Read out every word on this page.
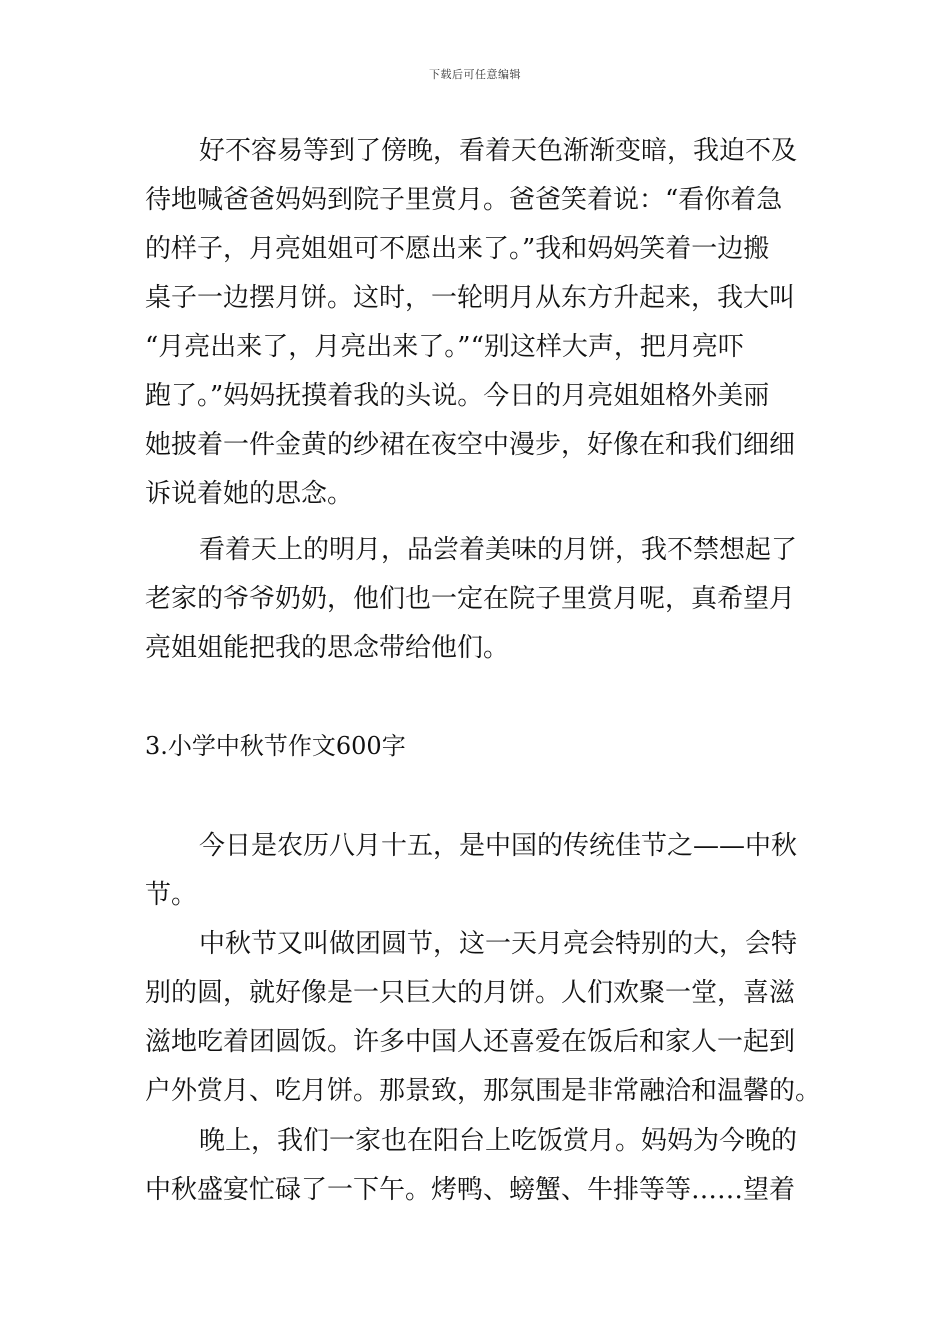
下载后可任意编辑
好不容易等到了傍晚，看着天色渐渐变暗，我迫不及
待地喊爸爸妈妈到院子里赏月。爸爸笑着说：“看你着急
的样子，月亮姐姐可不愿出来了。”我和妈妈笑着一边搬
桌子一边摆月饼。这时，一轮明月从东方升起来，我大叫
“月亮出来了，月亮出来了。”“别这样大声，把月亮吓
跑了。”妈妈抚摸着我的头说。今日的月亮姐姐格外美丽
她披着一件金黄的纱裙在夜空中漫步，好像在和我们细细
诉说着她的思念。
看着天上的明月，品尝着美味的月饼，我不禁想起了
老家的爷爷奶奶，他们也一定在院子里赏月呢，真希望月
亮姐姐能把我的思念带给他们。
3.小学中秋节作文600字
今日是农历八月十五，是中国的传统佳节之——中秋
节。
中秋节又叫做团圆节，这一天月亮会特别的大，会特
别的圆，就好像是一只巨大的月饼。人们欢聚一堂，喜滋
滋地吃着团圆饭。许多中国人还喜爱在饭后和家人一起到
户外赏月、吃月饼。那景致，那氛围是非常融洽和温馨的。
晚上，我们一家也在阳台上吃饭赏月。妈妈为今晚的
中秋盛宴忙碌了一下午。烤鸭、螃蟹、牛排等等……望着
